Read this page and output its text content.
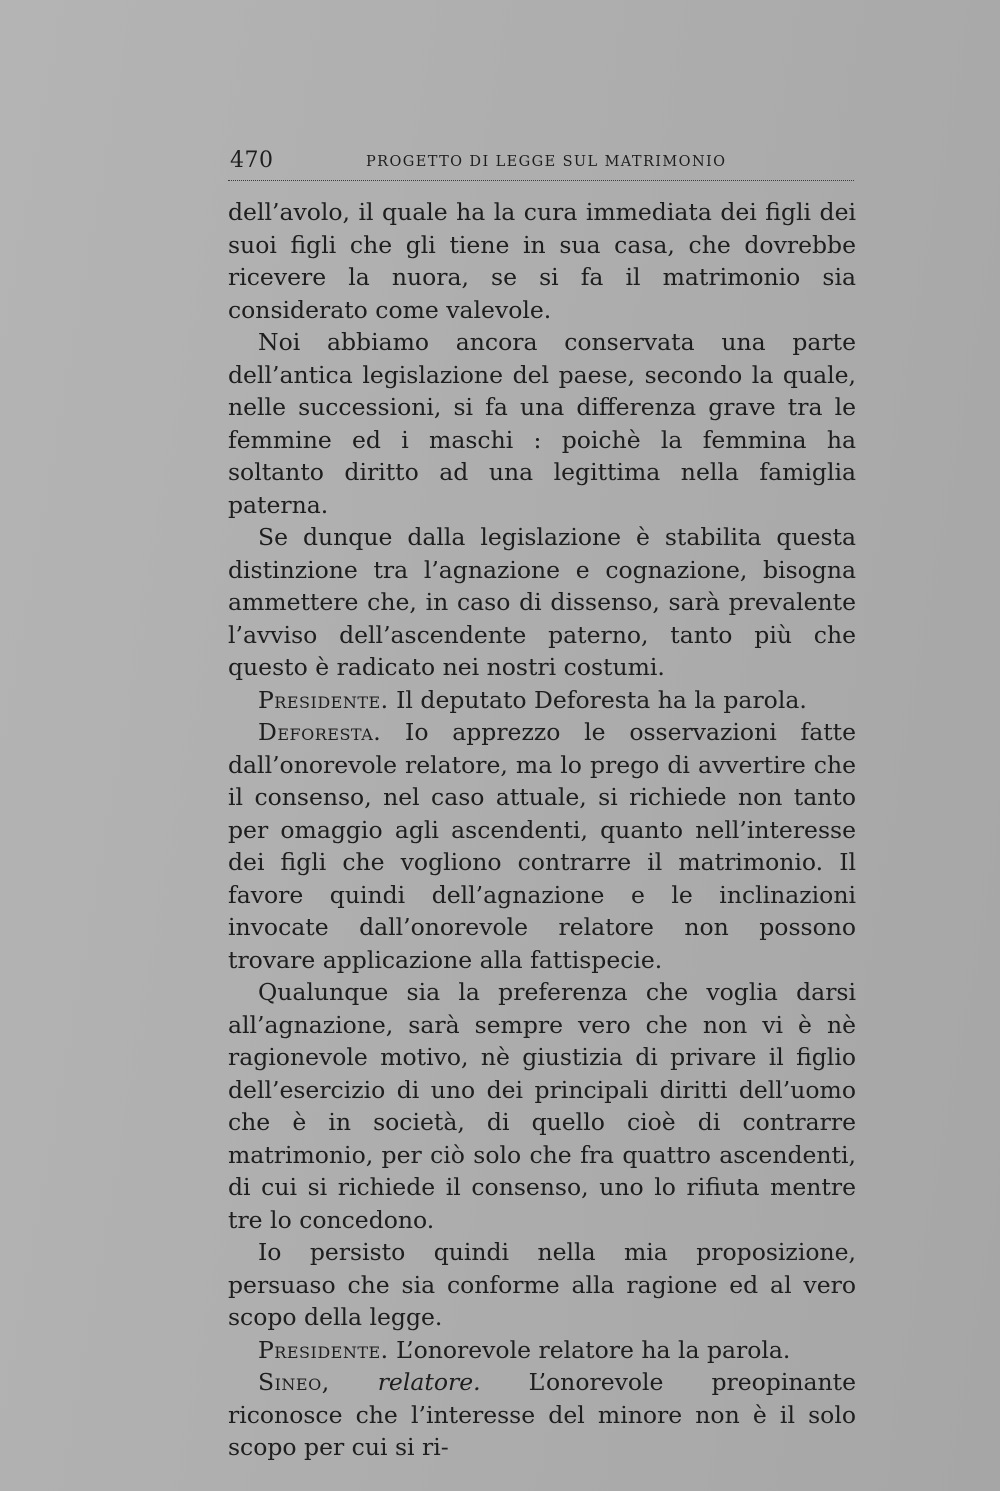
470	PROGETTO DI LEGGE SUL MATRIMONIO

dell’avolo, il quale ha la cura immediata dei figli dei suoi figli che gli tiene in sua casa, che dovrebbe ricevere la nuora, se si fa il matrimonio sia considerato come valevole.

Noi abbiamo ancora conservata una parte dell’antica legislazione del paese, secondo la quale, nelle successioni, si fa una differenza grave tra le femmine ed i maschi : poichè la femmina ha soltanto diritto ad una legittima nella famiglia paterna.

Se dunque dalla legislazione è stabilita questa distinzione tra l’agnazione e cognazione, bisogna ammettere che, in caso di dissenso, sarà prevalente l’avviso dell’ascendente paterno, tanto più che questo è radicato nei nostri costumi.

Presidente. Il deputato Deforesta ha la parola.

Deforesta. Io apprezzo le osservazioni fatte dall’onorevole relatore, ma lo prego di avvertire che il consenso, nel caso attuale, si richiede non tanto per omaggio agli ascendenti, quanto nell’interesse dei figli che vogliono contrarre il matrimonio. Il favore quindi dell’agnazione e le inclinazioni invocate dall’onorevole relatore non possono trovare applicazione alla fattispecie.

Qualunque sia la preferenza che voglia darsi all’agnazione, sarà sempre vero che non vi è nè ragionevole motivo, nè giustizia di privare il figlio dell’esercizio di uno dei principali diritti dell’uomo che è in società, di quello cioè di contrarre matrimonio, per ciò solo che fra quattro ascendenti, di cui si richiede il consenso, uno lo rifiuta mentre tre lo concedono.

Io persisto quindi nella mia proposizione, persuaso che sia conforme alla ragione ed al vero scopo della legge.

Presidente. L’onorevole relatore ha la parola.

Sineo, relatore. L’onorevole preopinante riconosce che l’interesse del minore non è il solo scopo per cui si ri-
